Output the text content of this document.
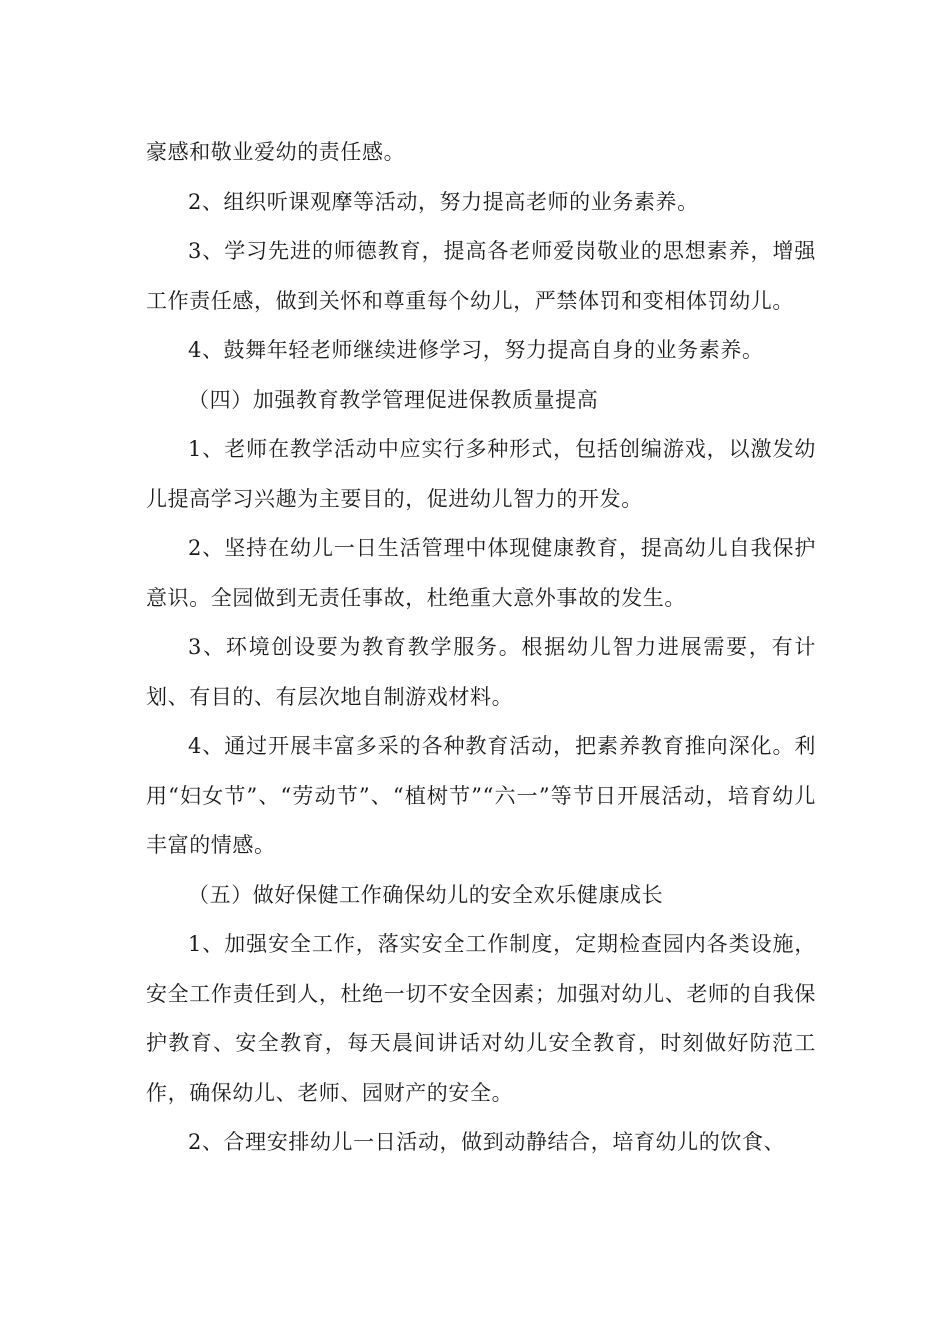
豪感和敬业爱幼的责任感。

2、组织听课观摩等活动，努力提高老师的业务素养。

3、学习先进的师德教育，提高各老师爱岗敬业的思想素养，增强工作责任感，做到关怀和尊重每个幼儿，严禁体罚和变相体罚幼儿。

4、鼓舞年轻老师继续进修学习，努力提高自身的业务素养。

（四）加强教育教学管理促进保教质量提高

1、老师在教学活动中应实行多种形式，包括创编游戏，以激发幼儿提高学习兴趣为主要目的，促进幼儿智力的开发。

2、坚持在幼儿一日生活管理中体现健康教育，提高幼儿自我保护意识。全园做到无责任事故，杜绝重大意外事故的发生。

3、环境创设要为教育教学服务。根据幼儿智力进展需要，有计划、有目的、有层次地自制游戏材料。

4、通过开展丰富多采的各种教育活动，把素养教育推向深化。利用“妇女节”、“劳动节”、“植树节”“六一”等节日开展活动，培育幼儿丰富的情感。

（五）做好保健工作确保幼儿的安全欢乐健康成长

1、加强安全工作，落实安全工作制度，定期检查园内各类设施，安全工作责任到人，杜绝一切不安全因素；加强对幼儿、老师的自我保护教育、安全教育，每天晨间讲话对幼儿安全教育，时刻做好防范工作，确保幼儿、老师、园财产的安全。

2、合理安排幼儿一日活动，做到动静结合，培育幼儿的饮食、
